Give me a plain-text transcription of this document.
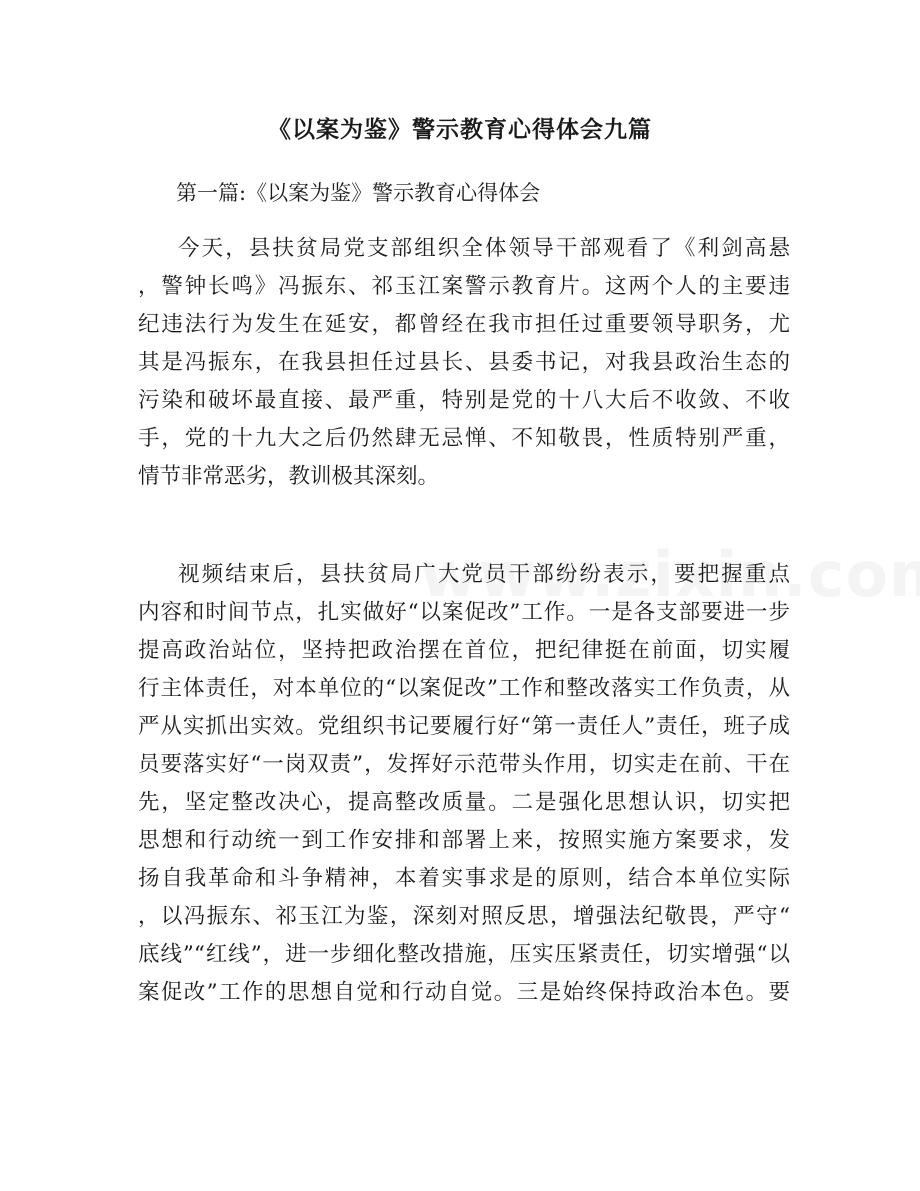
《以案为鉴》警示教育心得体会九篇
第一篇:《以案为鉴》警示教育心得体会
今天，县扶贫局党支部组织全体领导干部观看了《利剑高悬
，警钟长鸣》冯振东、祁玉江案警示教育片。这两个人的主要违
纪违法行为发生在延安，都曾经在我市担任过重要领导职务，尤
其是冯振东，在我县担任过县长、县委书记，对我县政治生态的
污染和破坏最直接、最严重，特别是党的十八大后不收敛、不收
手，党的十九大之后仍然肆无忌惮、不知敬畏，性质特别严重，
情节非常恶劣，教训极其深刻。
视频结束后，县扶贫局广大党员干部纷纷表示，要把握重点
内容和时间节点，扎实做好“以案促改”工作。一是各支部要进一步
提高政治站位，坚持把政治摆在首位，把纪律挺在前面，切实履
行主体责任，对本单位的“以案促改”工作和整改落实工作负责，从
严从实抓出实效。党组织书记要履行好“第一责任人”责任，班子成
员要落实好“一岗双责”，发挥好示范带头作用，切实走在前、干在
先，坚定整改决心，提高整改质量。二是强化思想认识，切实把
思想和行动统一到工作安排和部署上来，按照实施方案要求，发
扬自我革命和斗争精神，本着实事求是的原则，结合本单位实际
，以冯振东、祁玉江为鉴，深刻对照反思，增强法纪敬畏，严守“
底线”“红线”，进一步细化整改措施，压实压紧责任，切实增强“以
案促改”工作的思想自觉和行动自觉。三是始终保持政治本色。要
